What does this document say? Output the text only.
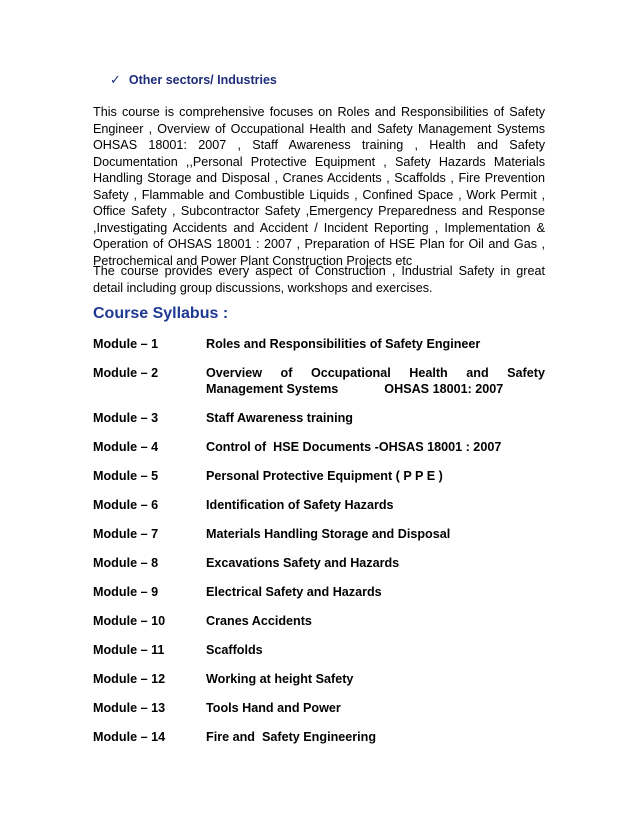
✓ Other sectors/ Industries

This course is comprehensive focuses on Roles and Responsibilities of Safety Engineer , Overview of Occupational Health and Safety Management Systems OHSAS 18001: 2007 , Staff Awareness training , Health and Safety Documentation ,,Personal Protective Equipment , Safety Hazards Materials Handling Storage and Disposal , Cranes Accidents , Scaffolds , Fire Prevention Safety , Flammable and Combustible Liquids , Confined Space , Work Permit , Office Safety , Subcontractor Safety ,Emergency Preparedness and Response ,Investigating Accidents and Accident / Incident Reporting , Implementation & Operation of OHSAS 18001 : 2007 , Preparation of HSE Plan for Oil and Gas , Petrochemical and Power Plant Construction Projects etc

The course provides every aspect of Construction , Industrial Safety in great detail including group discussions, workshops and exercises.

Course Syllabus :
Module – 1	Roles and Responsibilities of Safety Engineer
Module – 2	Overview of Occupational Health and Safety
Management Systems	OHSAS 18001: 2007
Module – 3	Staff Awareness training
Module – 4	Control of  HSE Documents -OHSAS 18001 : 2007
Module – 5	Personal Protective Equipment ( P P E )
Module – 6	Identification of Safety Hazards
Module – 7	Materials Handling Storage and Disposal
Module – 8	Excavations Safety and Hazards
Module – 9	Electrical Safety and Hazards
Module – 10	Cranes Accidents
Module – 11	Scaffolds
Module – 12	Working at height Safety
Module – 13	Tools Hand and Power
Module – 14	Fire and  Safety Engineering
